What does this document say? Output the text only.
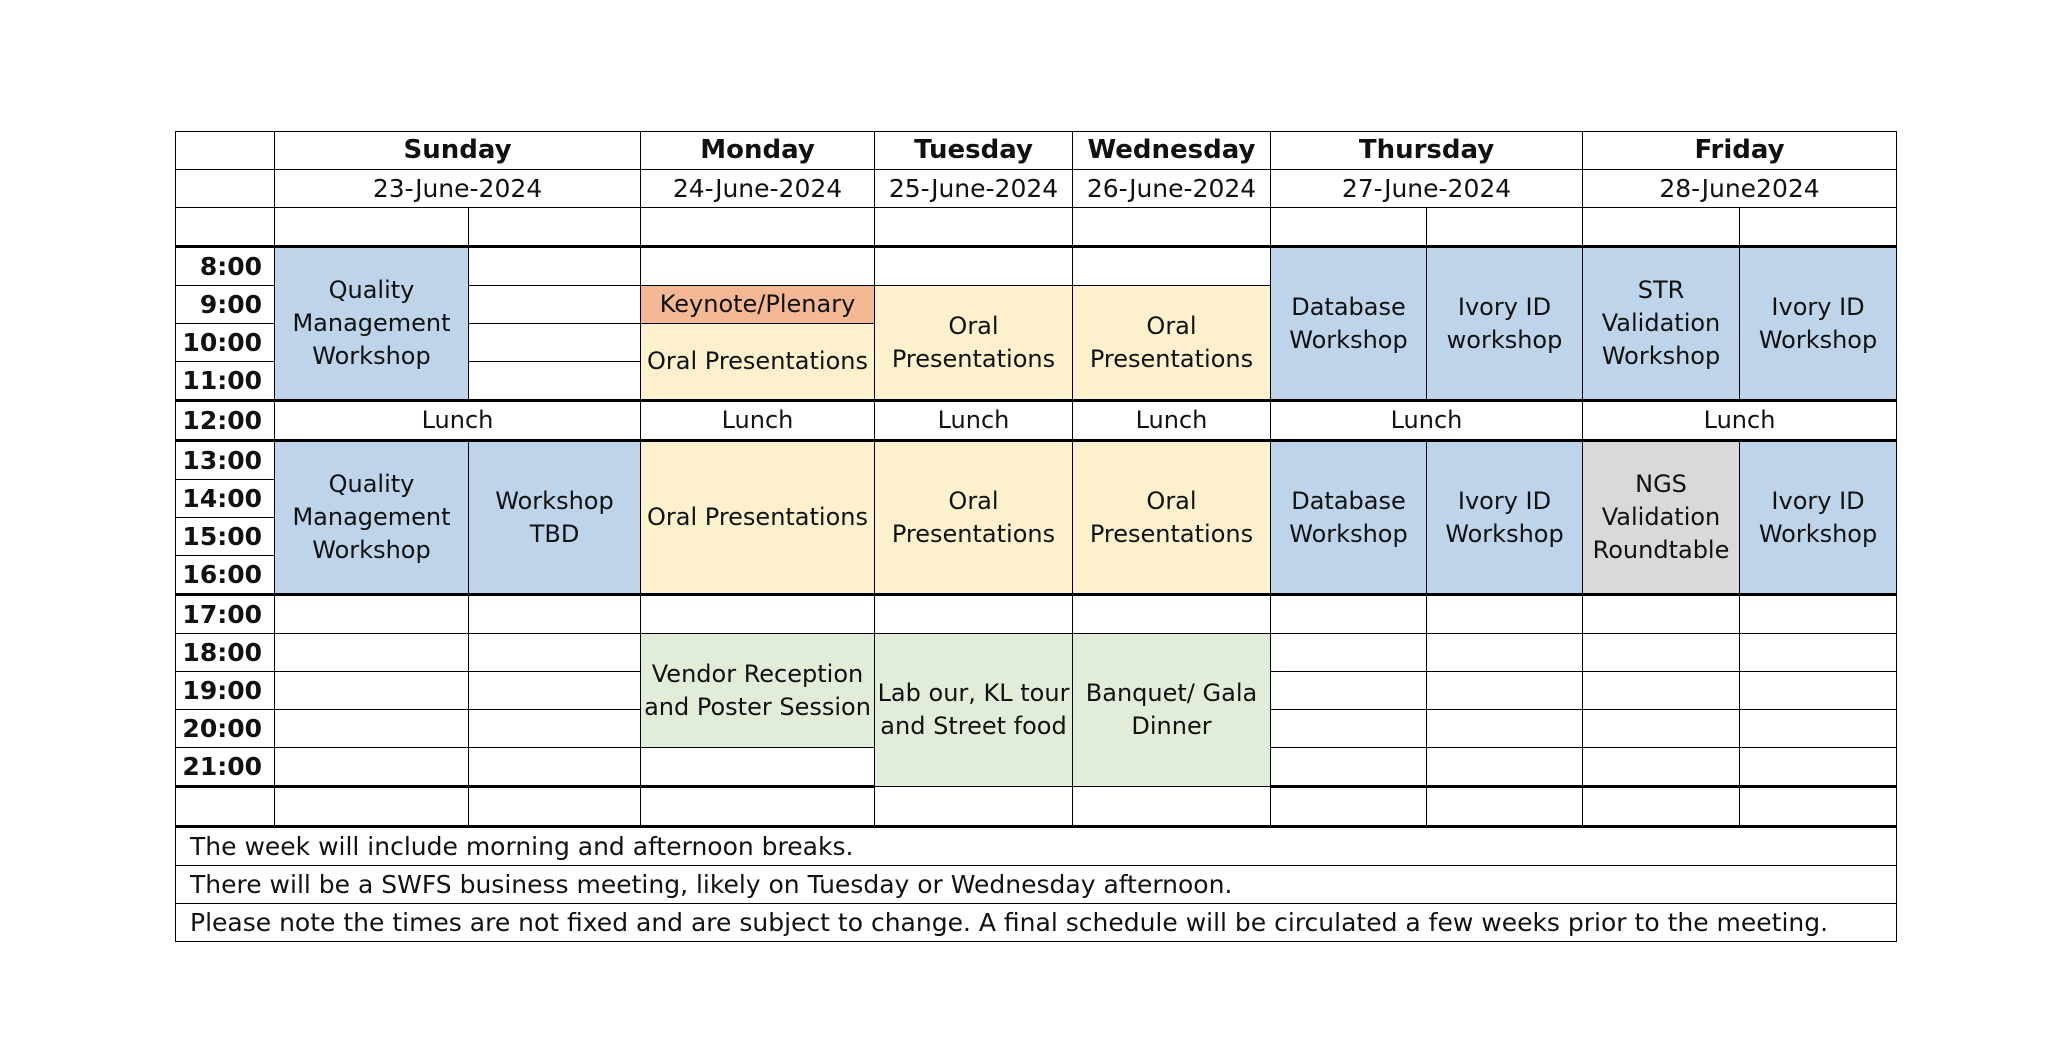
	Sunday		Monday	Tuesday	Wednesday	Thursday		Friday	
	23-June-2024		24-June-2024	25-June-2024	26-June-2024	27-June-2024		28-June2024	

8:00	Quality Management Workshop					Database Workshop	Ivory ID workshop	STR Validation Workshop	Ivory ID Workshop
9:00			Keynote/Plenary	Oral Presentations	Oral Presentations				
10:00			Oral Presentations						
11:00									
12:00	Lunch		Lunch	Lunch	Lunch	Lunch		Lunch	
13:00	Quality Management Workshop	Workshop TBD	Oral Presentations	Oral Presentations	Oral Presentations	Database Workshop	Ivory ID Workshop	NGS Validation Roundtable	Ivory ID Workshop
14:00									
15:00									
16:00									
17:00									
18:00			Vendor Reception and Poster Session	Lab our, KL tour and Street food	Banquet/ Gala Dinner				
19:00									
20:00									
21:00									

The week will include morning and afternoon breaks.									
There will be a SWFS business meeting, likely on Tuesday or Wednesday afternoon.									
Please note the times are not fixed and are subject to change. A final schedule will be circulated a few weeks prior to the meeting.									
